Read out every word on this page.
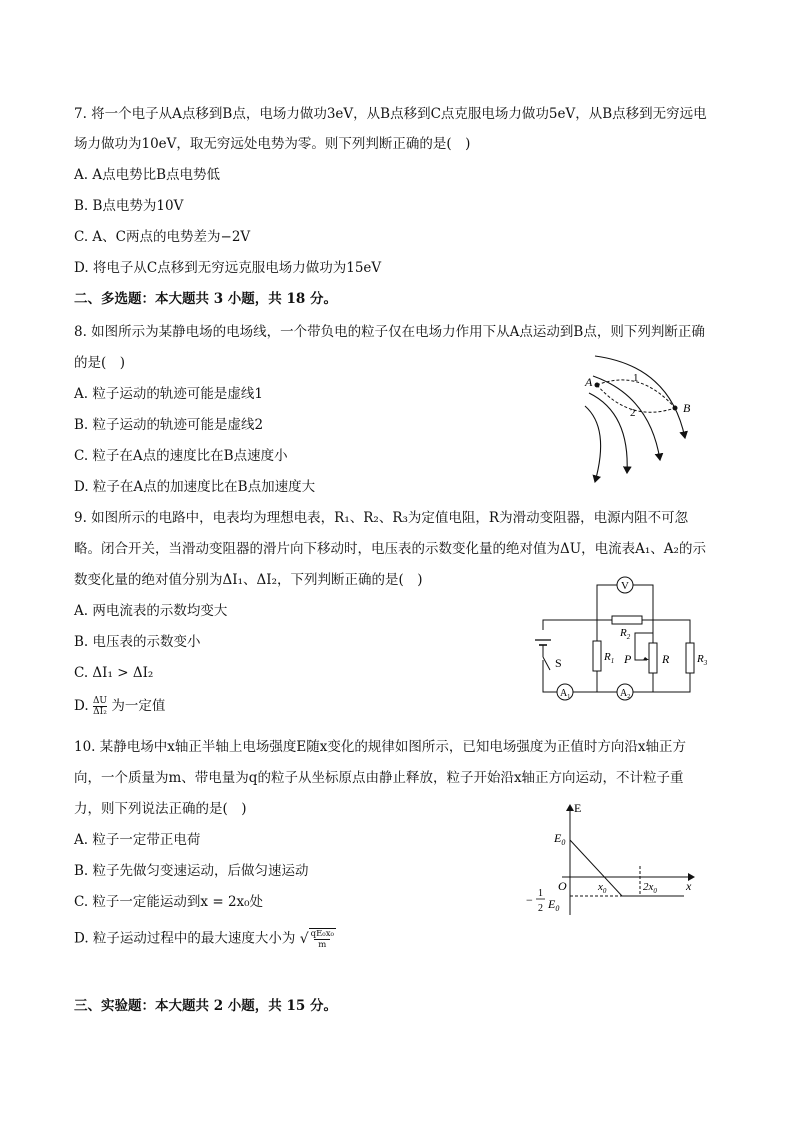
7. 将一个电子从A点移到B点，电场力做功3eV，从B点移到C点克服电场力做功5eV，从B点移到无穷远电
场力做功为10eV，取无穷远处电势为零。则下列判断正确的是(　)
A. A点电势比B点电势低
B. B点电势为10V
C. A、C两点的电势差为−2V
D. 将电子从C点移到无穷远克服电场力做功为15eV
二、多选题：本大题共 3 小题，共 18 分。
8. 如图所示为某静电场的电场线，一个带负电的粒子仅在电场力作用下从A点运动到B点，则下列判断正确
的是(　)
A. 粒子运动的轨迹可能是虚线1
B. 粒子运动的轨迹可能是虚线2
C. 粒子在A点的速度比在B点速度小
D. 粒子在A点的加速度比在B点加速度大
A
B
1
2
9. 如图所示的电路中，电表均为理想电表，R₁、R₂、R₃为定值电阻，R为滑动变阻器，电源内阻不可忽
略。闭合开关，当滑动变阻器的滑片向下移动时，电压表的示数变化量的绝对值为ΔU，电流表A₁、A₂的示
数变化量的绝对值分别为ΔI₁、ΔI₂，下列判断正确的是(　)
A. 两电流表的示数均变大
B. 电压表的示数变小
C. ΔI₁ > ΔI₂
D. $\frac{\Delta U}{\text{ΔI₂}}$ 为一定值
V
$R_2$
$R_1$ P	R	$R_3$
S
$A_1$	$A_2$
10. 某静电场中x轴正半轴上电场强度E随x变化的规律如图所示，已知电场强度为正值时方向沿x轴正方
向，一个质量为m、带电量为q的粒子从坐标原点由静止释放，粒子开始沿x轴正方向运动，不计粒子重
力，则下列说法正确的是(　)
A. 粒子一定带正电荷
B. 粒子先做匀变速运动，后做匀速运动
C. 粒子一定能运动到x = 2x₀处
D. 粒子运动过程中的最大速度大小为 √ $\frac{\text{qE₀x₀}}{m}$
E
x
O
$E_0$
$x_0$	$2x_0$
− 1
2 $E_0$
三、实验题：本大题共 2 小题，共 15 分。
